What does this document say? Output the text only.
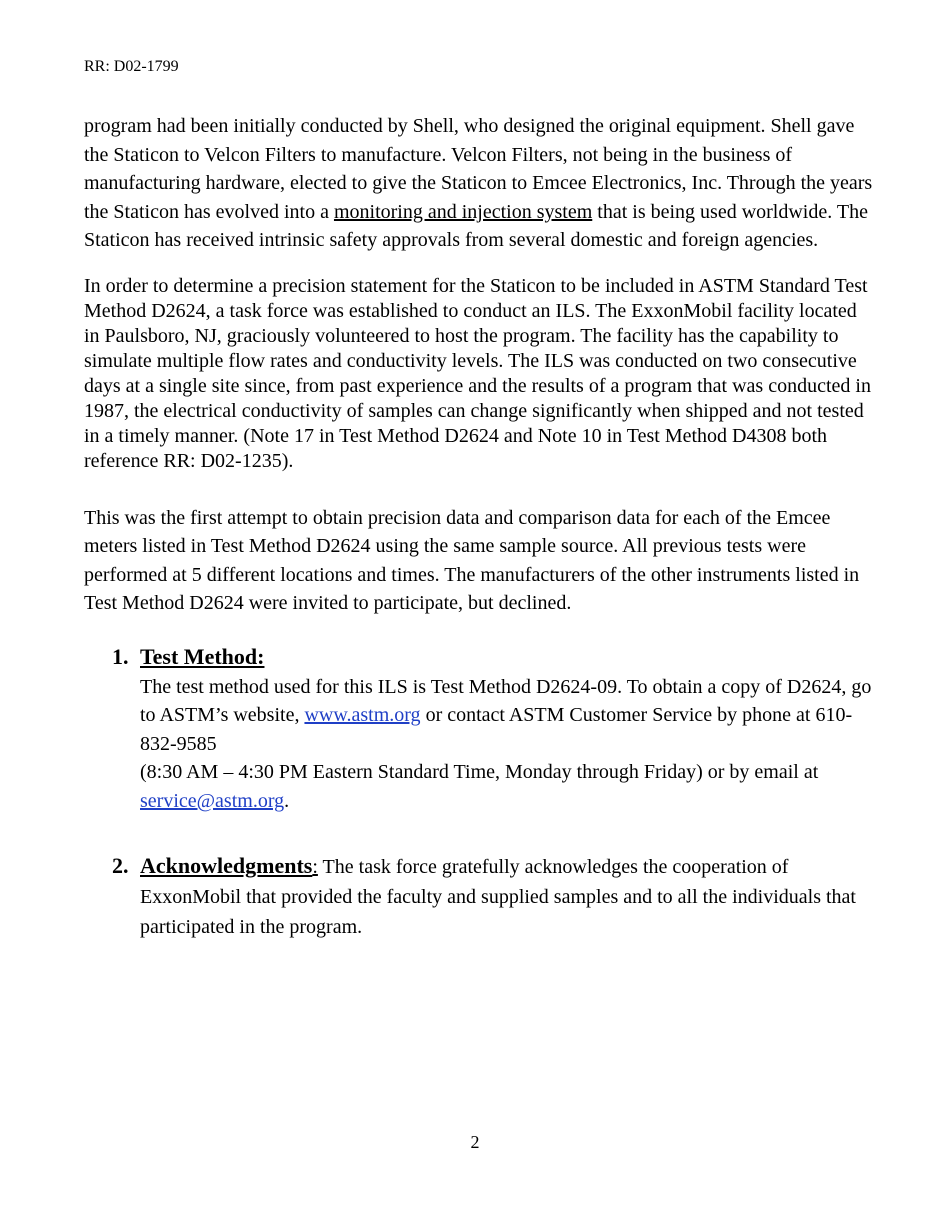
RR: D02-1799

program had been initially conducted by Shell, who designed the original equipment. Shell gave the Staticon to Velcon Filters to manufacture. Velcon Filters, not being in the business of manufacturing hardware, elected to give the Staticon to Emcee Electronics, Inc. Through the years the Staticon has evolved into a monitoring and injection system that is being used worldwide. The Staticon has received intrinsic safety approvals from several domestic and foreign agencies.

In order to determine a precision statement for the Staticon to be included in ASTM Standard Test Method D2624, a task force was established to conduct an ILS. The ExxonMobil facility located in Paulsboro, NJ, graciously volunteered to host the program. The facility has the capability to simulate multiple flow rates and conductivity levels. The ILS was conducted on two consecutive days at a single site since, from past experience and the results of a program that was conducted in 1987, the electrical conductivity of samples can change significantly when shipped and not tested in a timely manner. (Note 17 in Test Method D2624 and Note 10 in Test Method D4308 both reference RR: D02-1235).

This was the first attempt to obtain precision data and comparison data for each of the Emcee meters listed in Test Method D2624 using the same sample source. All previous tests were performed at 5 different locations and times. The manufacturers of the other instruments listed in Test Method D2624 were invited to participate, but declined.

1. Test Method:
The test method used for this ILS is Test Method D2624-09. To obtain a copy of D2624, go to ASTM’s website, www.astm.org or contact ASTM Customer Service by phone at 610-832-9585
(8:30 AM – 4:30 PM Eastern Standard Time, Monday through Friday) or by email at service@astm.org.
2. Acknowledgments: The task force gratefully acknowledges the cooperation of ExxonMobil that provided the faculty and supplied samples and to all the individuals that participated in the program.
2
